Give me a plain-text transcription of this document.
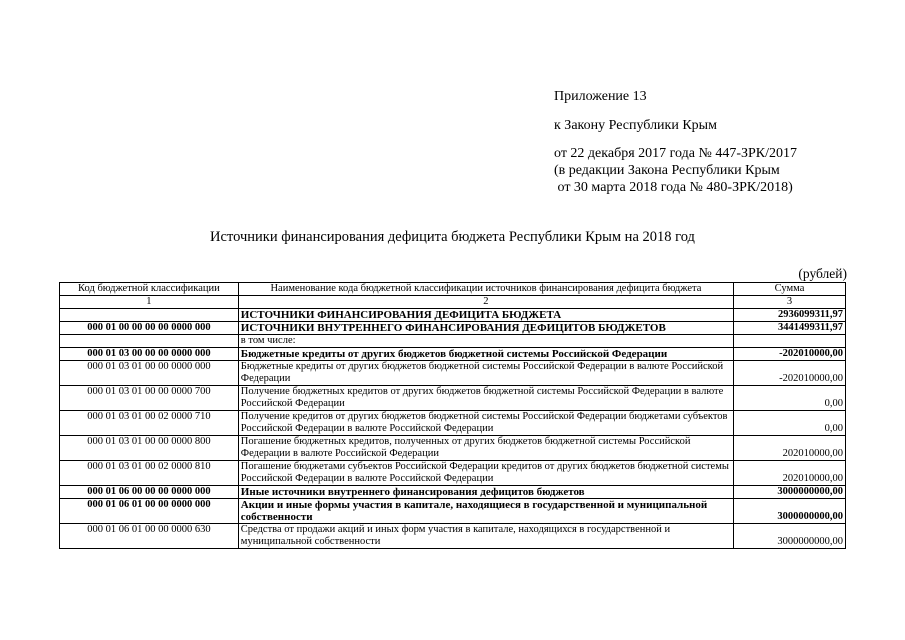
Приложение 13
к Закону Республики Крым
от 22 декабря 2017 года № 447-ЗРК/2017
(в редакции Закона Республики Крым
от 30 марта 2018 года № 480-ЗРК/2018)
Источники финансирования дефицита бюджета Республики Крым на 2018 год
(рублей)
Код бюджетной классификации	Наименование кода бюджетной классификации источников финансирования дефицита бюджета	Сумма
1	2	3
	ИСТОЧНИКИ ФИНАНСИРОВАНИЯ ДЕФИЦИТА БЮДЖЕТА	2936099311,97
000 01 00 00 00 00 0000 000	ИСТОЧНИКИ ВНУТРЕННЕГО ФИНАНСИРОВАНИЯ ДЕФИЦИТОВ БЮДЖЕТОВ	3441499311,97
	в том числе:	
000 01 03 00 00 00 0000 000	Бюджетные кредиты от других бюджетов бюджетной системы Российской Федерации	-202010000,00
000 01 03 01 00 00 0000 000	Бюджетные кредиты от других бюджетов бюджетной системы Российской Федерации в валюте Российской Федерации	-202010000,00
000 01 03 01 00 00 0000 700	Получение бюджетных кредитов от других бюджетов бюджетной системы Российской Федерации в валюте Российской Федерации	0,00
000 01 03 01 00 02 0000 710	Получение кредитов от других бюджетов бюджетной системы Российской Федерации бюджетами субъектов Российской Федерации в валюте Российской Федерации	0,00
000 01 03 01 00 00 0000 800	Погашение бюджетных кредитов, полученных от других бюджетов бюджетной системы Российской Федерации в валюте Российской Федерации	202010000,00
000 01 03 01 00 02 0000 810	Погашение бюджетами субъектов Российской Федерации кредитов от других бюджетов бюджетной системы Российской Федерации в валюте Российской Федерации	202010000,00
000 01 06 00 00 00 0000 000	Иные источники внутреннего финансирования дефицитов бюджетов	3000000000,00
000 01 06 01 00 00 0000 000	Акции и иные формы участия в капитале, находящиеся в государственной и муниципальной собственности	3000000000,00
000 01 06 01 00 00 0000 630	Средства от продажи акций и иных форм участия в капитале, находящихся в государственной и муниципальной собственности	3000000000,00
